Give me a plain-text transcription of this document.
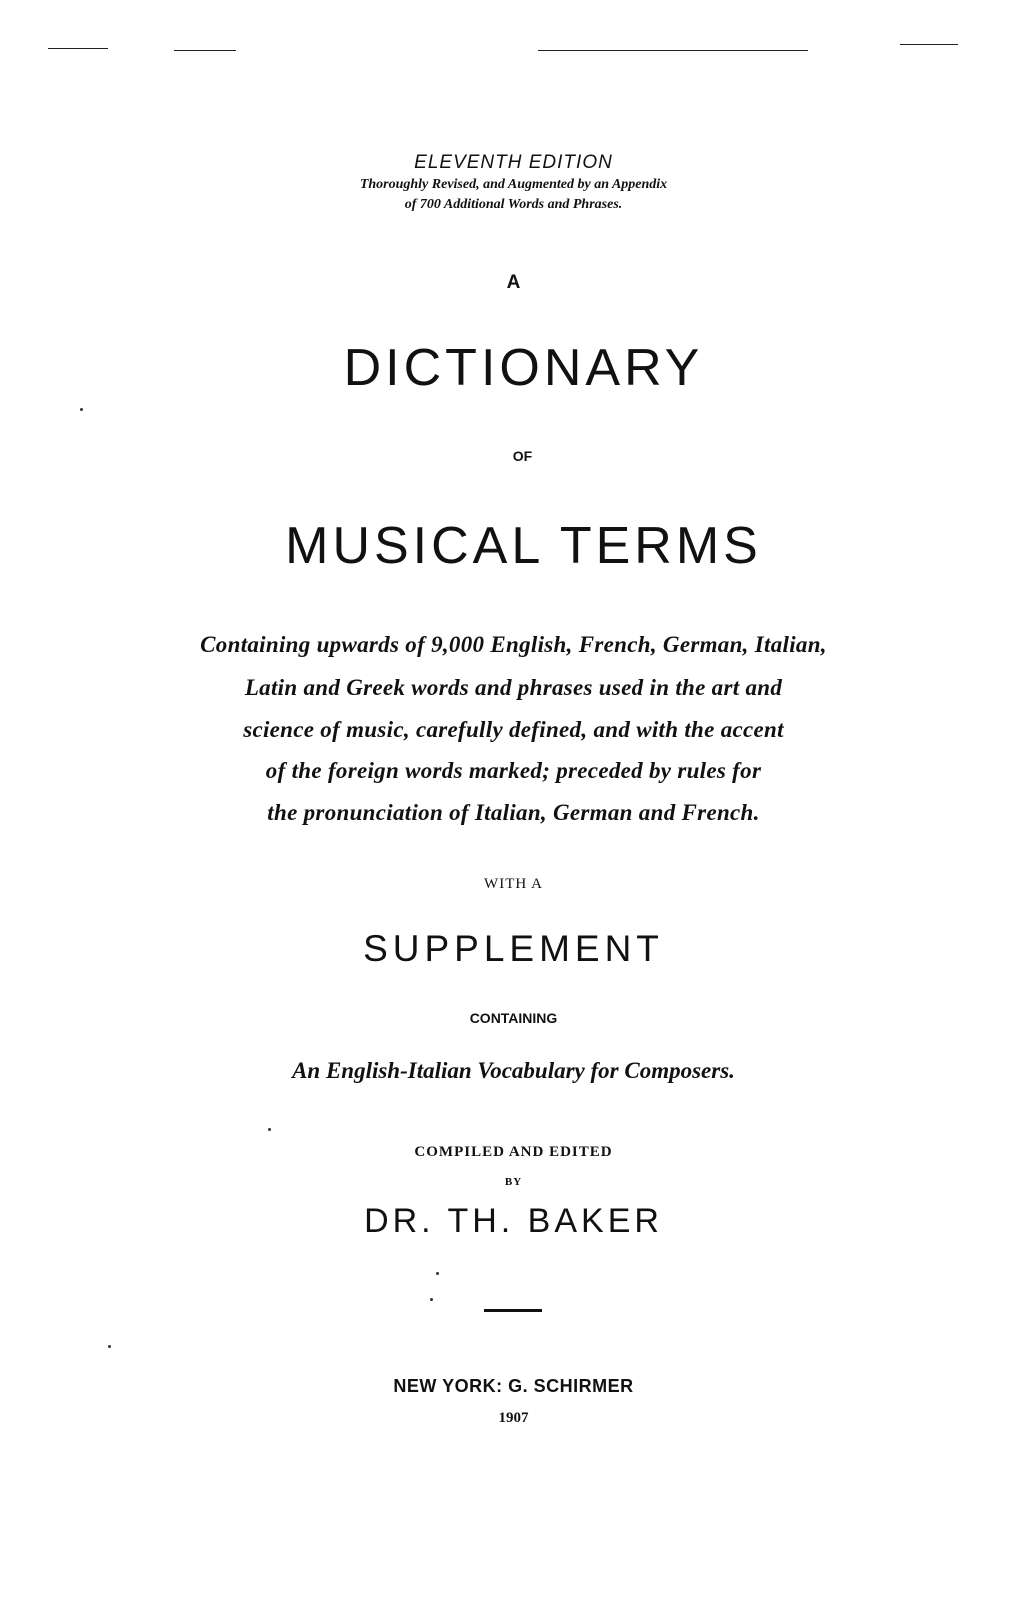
ELEVENTH EDITION
Thoroughly Revised, and Augmented by an Appendix
of 700 Additional Words and Phrases.
A
DICTIONARY
OF
MUSICAL TERMS
Containing upwards of 9,000 English, French, German, Italian,
Latin and Greek words and phrases used in the art and
science of music, carefully defined, and with the accent
of the foreign words marked; preceded by rules for
the pronunciation of Italian, German and French.
WITH A
SUPPLEMENT
CONTAINING
An English-Italian Vocabulary for Composers.
COMPILED AND EDITED
BY
DR. TH. BAKER
NEW YORK: G. SCHIRMER
1907
